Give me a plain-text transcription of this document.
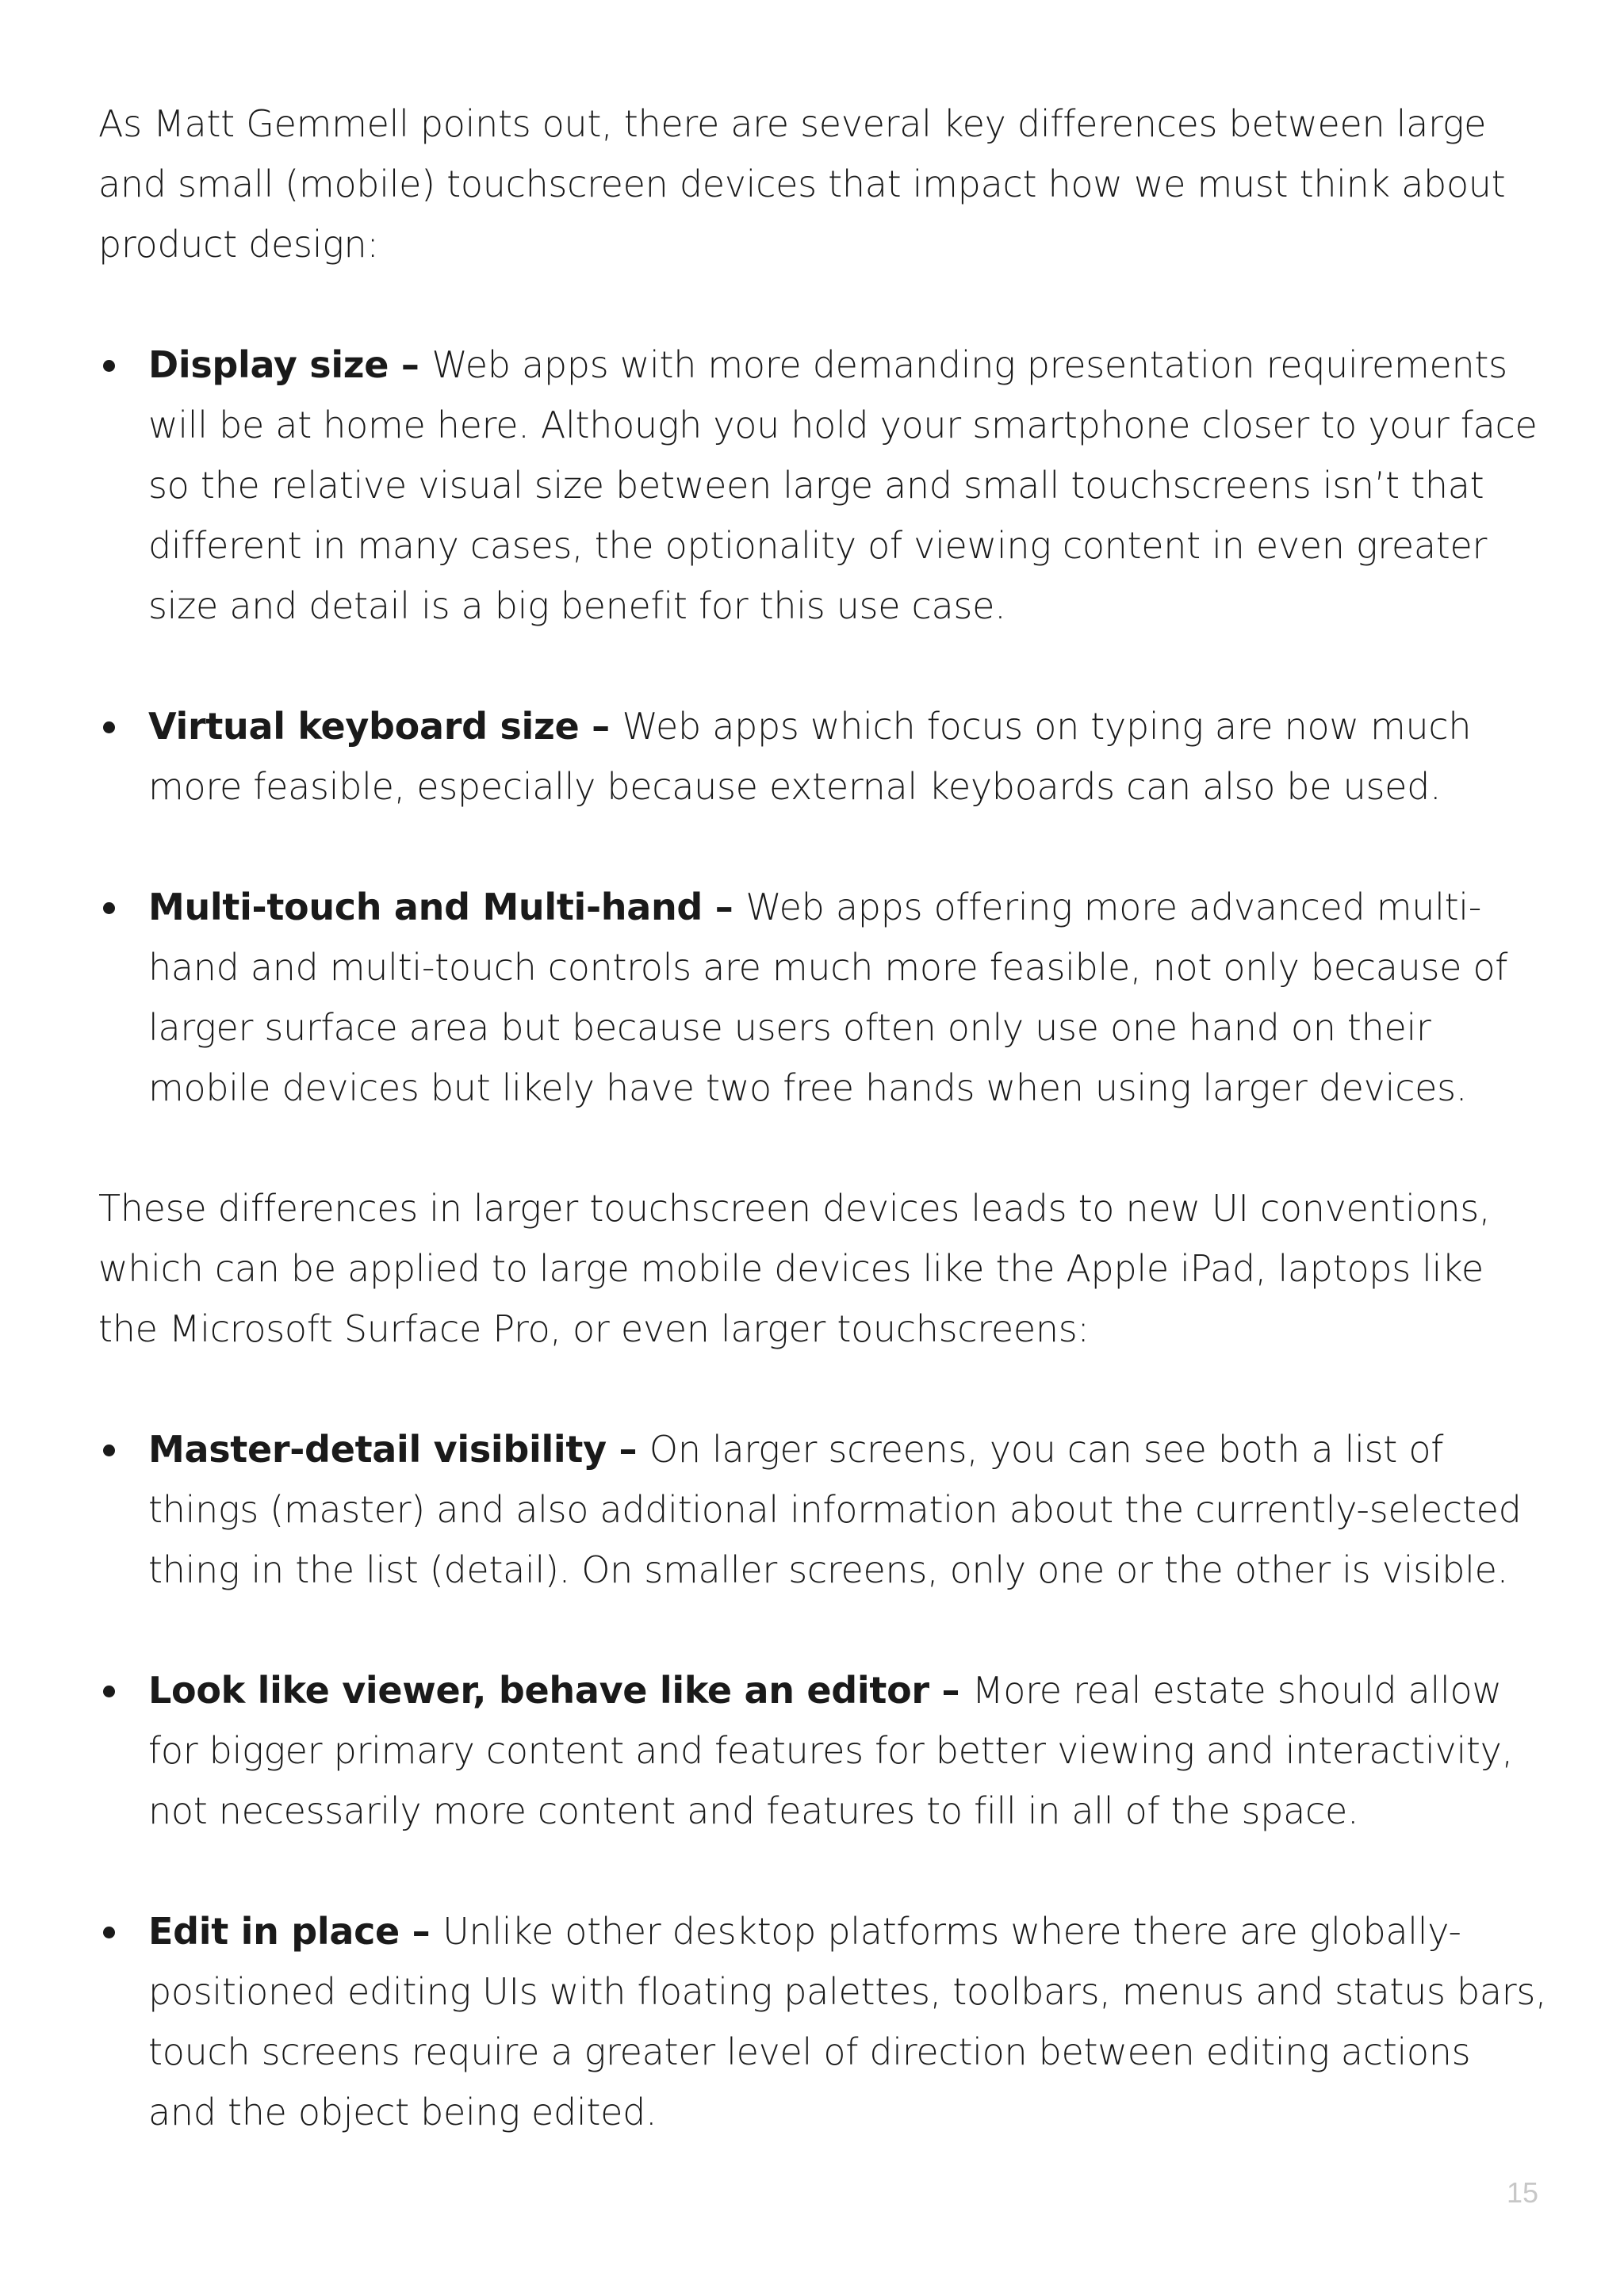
As Matt Gemmell points out, there are several key differences between large and small (mobile) touchscreen devices that impact how we must think about product design:

Display size – Web apps with more demanding presentation requirements will be at home here. Although you hold your smartphone closer to your face so the relative visual size between large and small touchscreens isn’t that different in many cases, the optionality of viewing content in even greater size and detail is a big benefit for this use case.
Virtual keyboard size – Web apps which focus on typing are now much more feasible, especially because external keyboards can also be used.
Multi-touch and Multi-hand – Web apps offering more advanced multi-hand and multi-touch controls are much more feasible, not only because of larger surface area but because users often only use one hand on their mobile devices but likely have two free hands when using larger devices.

These differences in larger touchscreen devices leads to new UI conventions, which can be applied to large mobile devices like the Apple iPad, laptops like the Microsoft Surface Pro, or even larger touchscreens:

Master-detail visibility – On larger screens, you can see both a list of things (master) and also additional information about the currently-selected thing in the list (detail). On smaller screens, only one or the other is visible.
Look like viewer, behave like an editor – More real estate should allow for bigger primary content and features for better viewing and interactivity, not necessarily more content and features to fill in all of the space.
Edit in place – Unlike other desktop platforms where there are globally-positioned editing UIs with floating palettes, toolbars, menus and status bars, touch screens require a greater level of direction between editing actions and the object being edited.
15
